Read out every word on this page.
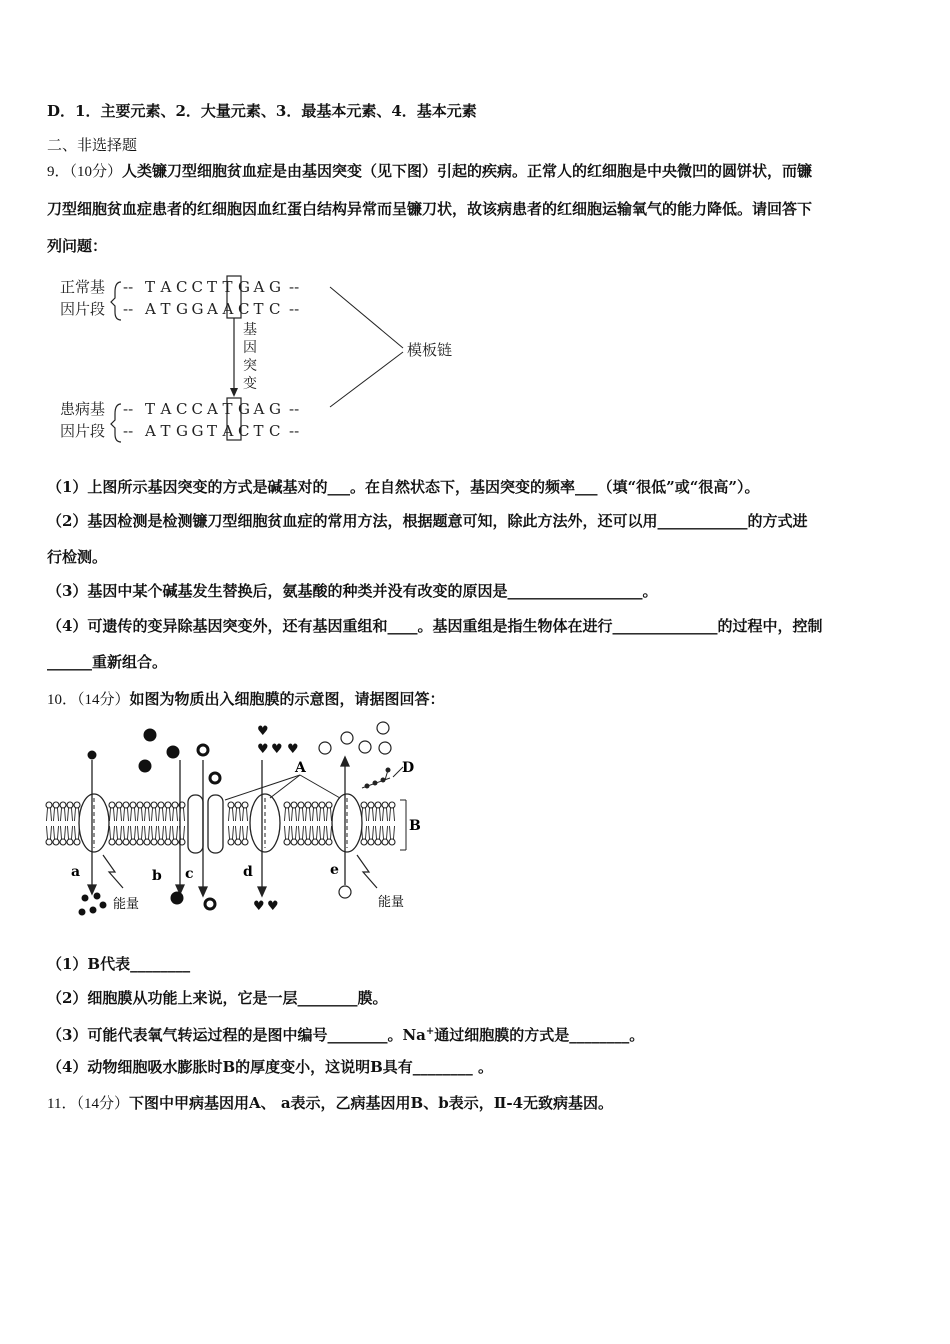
D．1．主要元素、2．大量元素、3．最基本元素、4．基本元素
二、非选择题
9．（10分）人类镰刀型细胞贫血症是由基因突变（见下图）引起的疾病。正常人的红细胞是中央微凹的圆饼状，而镰
刀型细胞贫血症患者的红细胞因血红蛋白结构异常而呈镰刀状，故该病患者的红细胞运输氧气的能力降低。请回答下
列问题：
正常基
因片段
患病基
因片段
-- T A C C T T G A G --
-- A T G G A A C T C --
-- T A C C A T G A G --
-- A T G G T A C T C --
基
因
突
变
模板链
（1）上图所示基因突变的方式是碱基对的___。在自然状态下，基因突变的频率___（填“很低”或“很高”）。
（2）基因检测是检测镰刀型细胞贫血症的常用方法，根据题意可知，除此方法外，还可以用____________的方式进
行检测。
（3）基因中某个碱基发生替换后，氨基酸的种类并没有改变的原因是__________________。
（4）可遗传的变异除基因突变外，还有基因重组和____。基因重组是指生物体在进行______________的过程中，控制
______重新组合。
10．（14分）如图为物质出入细胞膜的示意图，请据图回答：
B
D
A
♥
♥ ♥ ♥
♥ ♥
a	b c	d	e
能量	能量
（1）B代表________
（2）细胞膜从功能上来说，它是一层________膜。
（3）可能代表氧气转运过程的是图中编号________。Na+通过细胞膜的方式是________。
（4）动物细胞吸水膨胀时B的厚度变小，这说明B具有________ 。
11．（14分）下图中甲病基因用A、 a表示，乙病基因用B、b表示，Ⅱ-4无致病基因。
